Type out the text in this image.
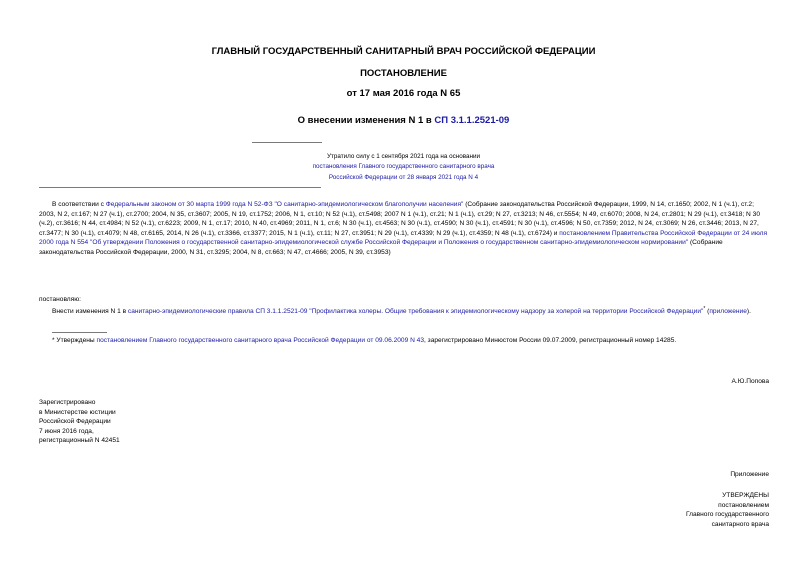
ГЛАВНЫЙ ГОСУДАРСТВЕННЫЙ САНИТАРНЫЙ ВРАЧ РОССИЙСКОЙ ФЕДЕРАЦИИ
ПОСТАНОВЛЕНИЕ
от 17 мая 2016 года N 65
О внесении изменения N 1 в СП 3.1.1.2521-09
Утратило силу с 1 сентября 2021 года на основании
постановления Главного государственного санитарного врача
Российской Федерации от 28 января 2021 года N 4
В соответствии с Федеральным законом от 30 марта 1999 года N 52-ФЗ "О санитарно-эпидемиологическом благополучии населения" (Собрание законодательства Российской Федерации, 1999, N 14, ст.1650; 2002, N 1 (ч.1), ст.2; 2003, N 2, ст.167; N 27 (ч.1), ст.2700; 2004, N 35, ст.3607; 2005, N 19, ст.1752; 2006, N 1, ст.10; N 52 (ч.1), ст.5498; 2007 N 1 (ч.1), ст.21; N 1 (ч.1), ст.29; N 27, ст.3213; N 46, ст.5554; N 49, ст.6070; 2008, N 24, ст.2801; N 29 (ч.1), ст.3418; N 30 (ч.2), ст.3616; N 44, ст.4984; N 52 (ч.1), ст.6223; 2009, N 1, ст.17; 2010, N 40, ст.4969; 2011, N 1, ст.6; N 30 (ч.1), ст.4563; N 30 (ч.1), ст.4590; N 30 (ч.1), ст.4591; N 30 (ч.1), ст.4596; N 50, ст.7359; 2012, N 24, ст.3069; N 26, ст.3446; 2013, N 27, ст.3477; N 30 (ч.1), ст.4079; N 48, ст.6165, 2014, N 26 (ч.1), ст.3366, ст.3377; 2015, N 1 (ч.1), ст.11; N 27, ст.3951; N 29 (ч.1), ст.4339; N 29 (ч.1), ст.4359; N 48 (ч.1), ст.6724) и постановлением Правительства Российской Федерации от 24 июля 2000 года N 554 "Об утверждении Положения о государственной санитарно-эпидемиологической службе Российской Федерации и Положения о государственном санитарно-эпидемиологическом нормировании" (Собрание законодательства Российской Федерации, 2000, N 31, ст.3295; 2004, N 8, ст.663; N 47, ст.4666; 2005, N 39, ст.3953)
постановляю:
Внести изменения N 1 в санитарно-эпидемиологические правила СП 3.1.1.2521-09 "Профилактика холеры. Общие требования к эпидемиологическому надзору за холерой на территории Российской Федерации"* (приложение).
* Утверждены постановлением Главного государственного санитарного врача Российской Федерации от 09.06.2009 N 43, зарегистрировано Минюстом России 09.07.2009, регистрационный номер 14285.
А.Ю.Попова
Зарегистрировано
в Министерстве юстиции
Российской Федерации
7 июня 2016 года,
регистрационный N 42451
Приложение
УТВЕРЖДЕНЫ
постановлением
Главного государственного
санитарного врача
